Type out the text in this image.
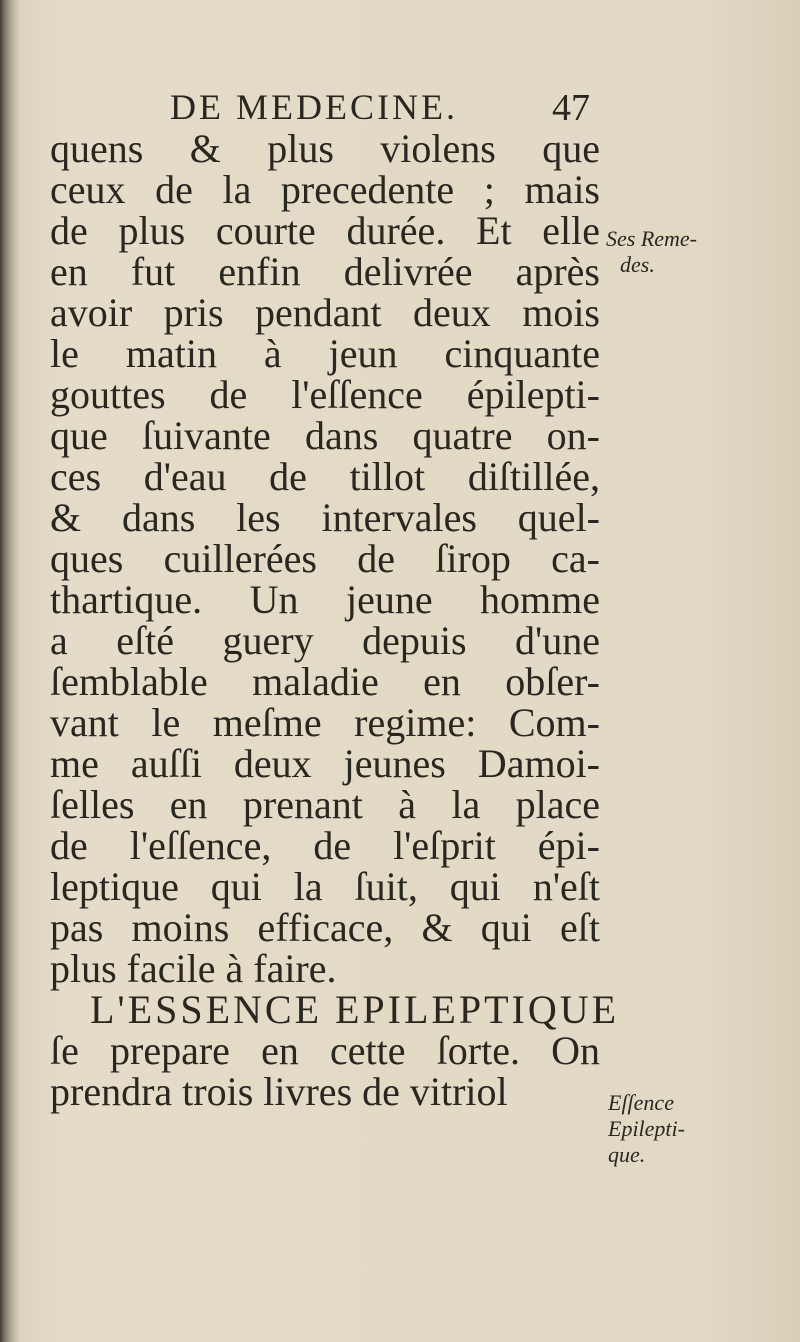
DE MEDECINE. 47
quens & plus violens que
ceux de la precedente ; mais
de plus courte durée. Et elle
en fut enfin delivrée après
avoir pris pendant deux mois
le matin à jeun cinquante
gouttes de l'eſſence épilepti-
que ſuivante dans quatre on-
ces d'eau de tillot diſtillée,
& dans les intervales quel-
ques cuillerées de ſirop ca-
thartique. Un jeune homme
a eſté guery depuis d'une
ſemblable maladie en obſer-
vant le meſme regime: Com-
me auſſi deux jeunes Damoi-
ſelles en prenant à la place
de l'eſſence, de l'eſprit épi-
leptique qui la ſuit, qui n'eſt
pas moins efficace, & qui eſt
plus facile à faire.
L'ESSENCE EPILEPTIQUE
ſe prepare en cette ſorte. On
prendra trois livres de vitriol
Ses Reme-
des.
Eſſence
Epilepti-
que.
